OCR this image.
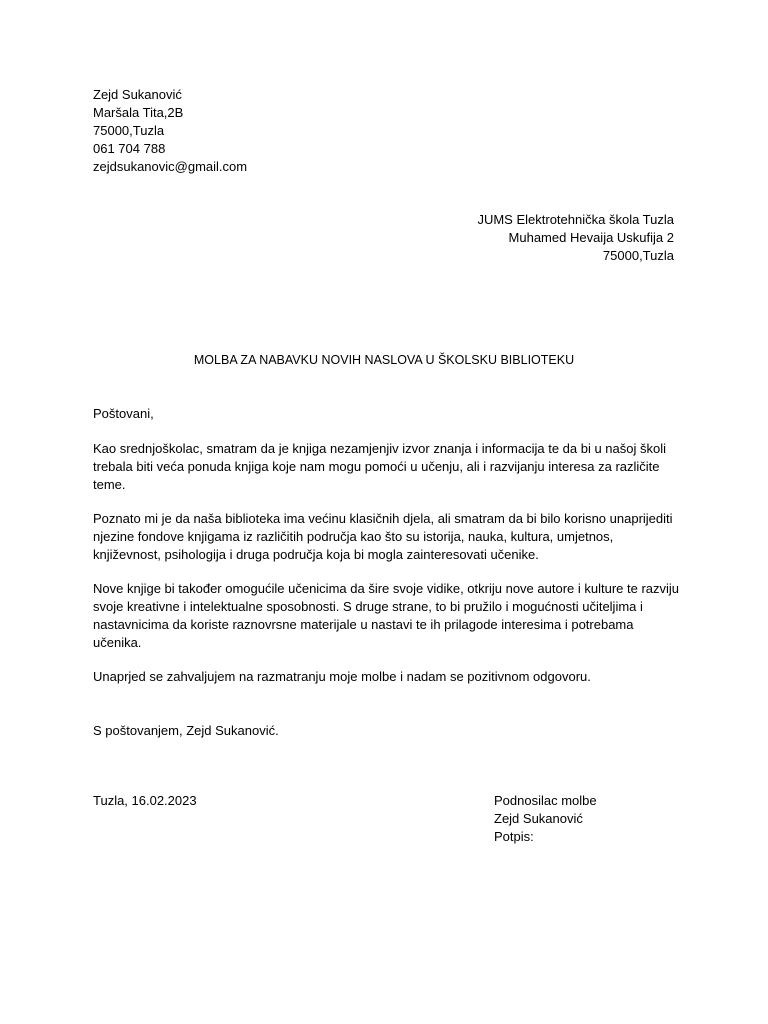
Zejd Sukanović
Maršala Tita,2B
75000,Tuzla
061 704 788
zejdsukanovic@gmail.com
JUMS Elektrotehnička škola Tuzla
Muhamed Hevaija Uskufija 2
75000,Tuzla
MOLBA ZA NABAVKU NOVIH NASLOVA U ŠKOLSKU BIBLIOTEKU
Poštovani,
Kao srednjoškolac, smatram da je knjiga nezamjenjiv izvor znanja i informacija te da bi u našoj školi trebala biti veća ponuda knjiga koje nam mogu pomoći u učenju, ali i razvijanju interesa za različite teme.
Poznato mi je da naša biblioteka ima većinu klasičnih djela, ali smatram da bi bilo korisno unaprijediti njezine fondove knjigama iz različitih područja kao što su istorija, nauka, kultura, umjetnos, književnost, psihologija i druga područja koja bi mogla zainteresovati učenike.
Nove knjige bi također omogućile učenicima da šire svoje vidike, otkriju nove autore i kulture te razviju svoje kreativne i intelektualne sposobnosti. S druge strane, to bi pružilo i mogućnosti učiteljima i nastavnicima da koriste raznovrsne materijale u nastavi te ih prilagode interesima i potrebama učenika.
Unaprjed se zahvaljujem na razmatranju moje molbe i nadam se pozitivnom odgovoru.
S poštovanjem, Zejd Sukanović.
Tuzla, 16.02.2023	Podnosilac molbe
Zejd Sukanović
Potpis:
